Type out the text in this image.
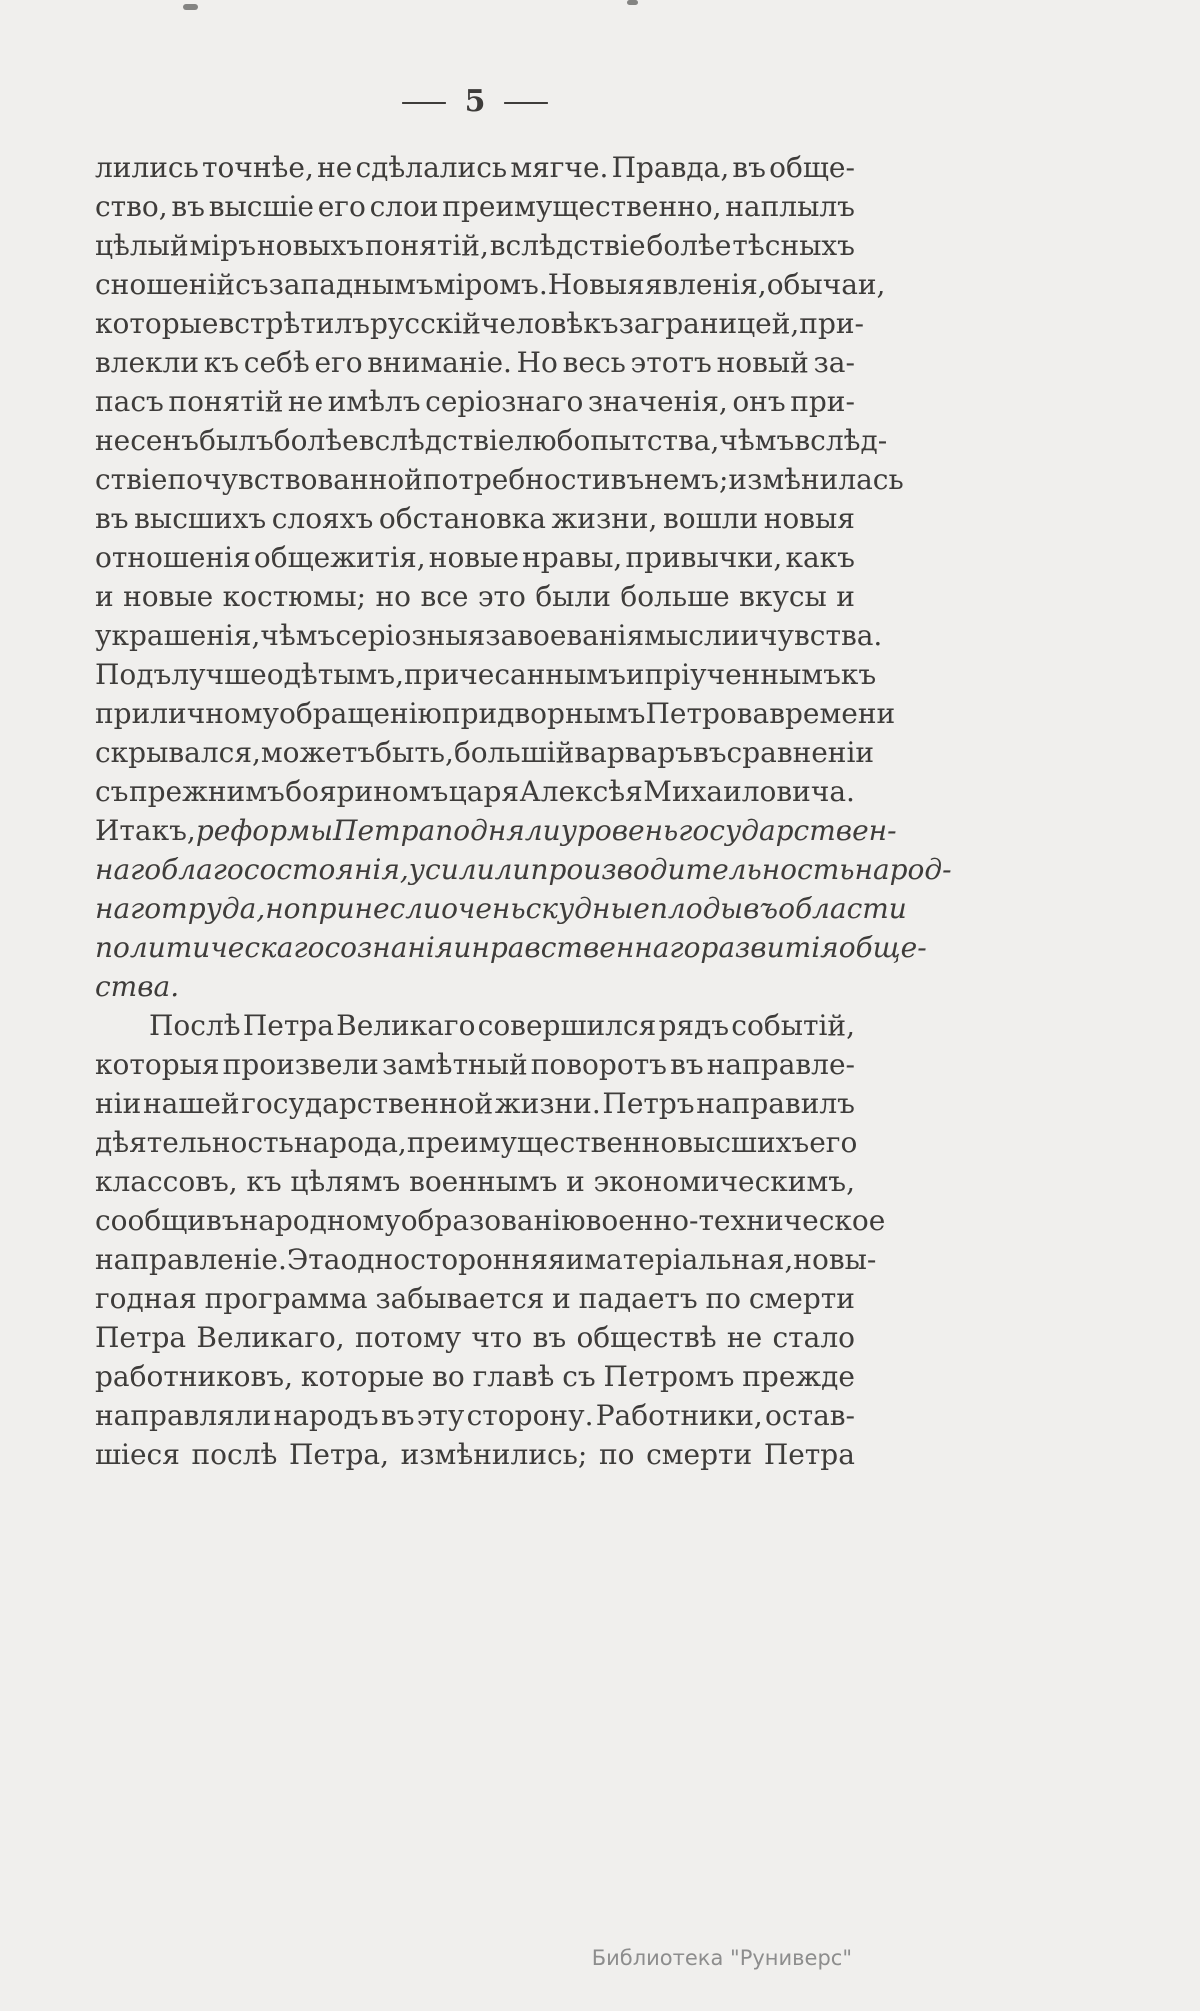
— 5 —
лились точнѣе, не сдѣлались мягче. Правда, въ обще-
ство, въ высшіе его слои преимущественно, наплылъ
цѣлый міръ новыхъ понятій, вслѣдствіе болѣе тѣсныхъ
сношеній съ западнымъ міромъ. Новыя явленія, обычаи,
которые встрѣтилъ русскій человѣкъ за границей, при-
влекли къ себѣ его вниманіе. Но весь этотъ новый за-
пасъ понятій не имѣлъ серіознаго значенія, онъ при-
несенъ былъ болѣе вслѣдствіе любопытства, чѣмъ вслѣд-
ствіе почувствованной потребности въ немъ; измѣнилась
въ высшихъ слояхъ обстановка жизни, вошли новыя
отношенія общежитія, новые нравы, привычки, какъ
и новые костюмы; но все это были больше вкусы и
украшенія, чѣмъ серіозныя завоеванія мысли и чувства.
Подъ лучше одѣтымъ, причесаннымъ и пріученнымъ къ
приличному обращенію придворнымъ Петрова времени
скрывался, можетъ быть, большій варваръ въ сравненіи
съ прежнимъ бояриномъ царя Алексѣя Михаиловича.
Итакъ, реформы Петра подняли уровень государствен-
наго благосостоянія, усилили производительность народ-
наго труда, но принесли очень скудные плоды въ области
политическаго сознанія и нравственнаго развитія обще-
ства.
Послѣ Петра Великаго совершился рядъ событій,
которыя произвели замѣтный поворотъ въ направле-
ніи нашей государственной жизни. Петръ направилъ
дѣятельность народа, преимущественно высшихъ его
классовъ, къ цѣлямъ военнымъ и экономическимъ,
сообщивъ народному образованію военно-техническое
направленіе. Эта односторонняя и матеріальная, но вы-
годная программа забывается и падаетъ по смерти
Петра Великаго, потому что въ обществѣ не стало
работниковъ, которые во главѣ съ Петромъ прежде
направляли народъ въ эту сторону. Работники, остав-
шіеся послѣ Петра, измѣнились; по смерти Петра
Библиотека "Руниверс"
